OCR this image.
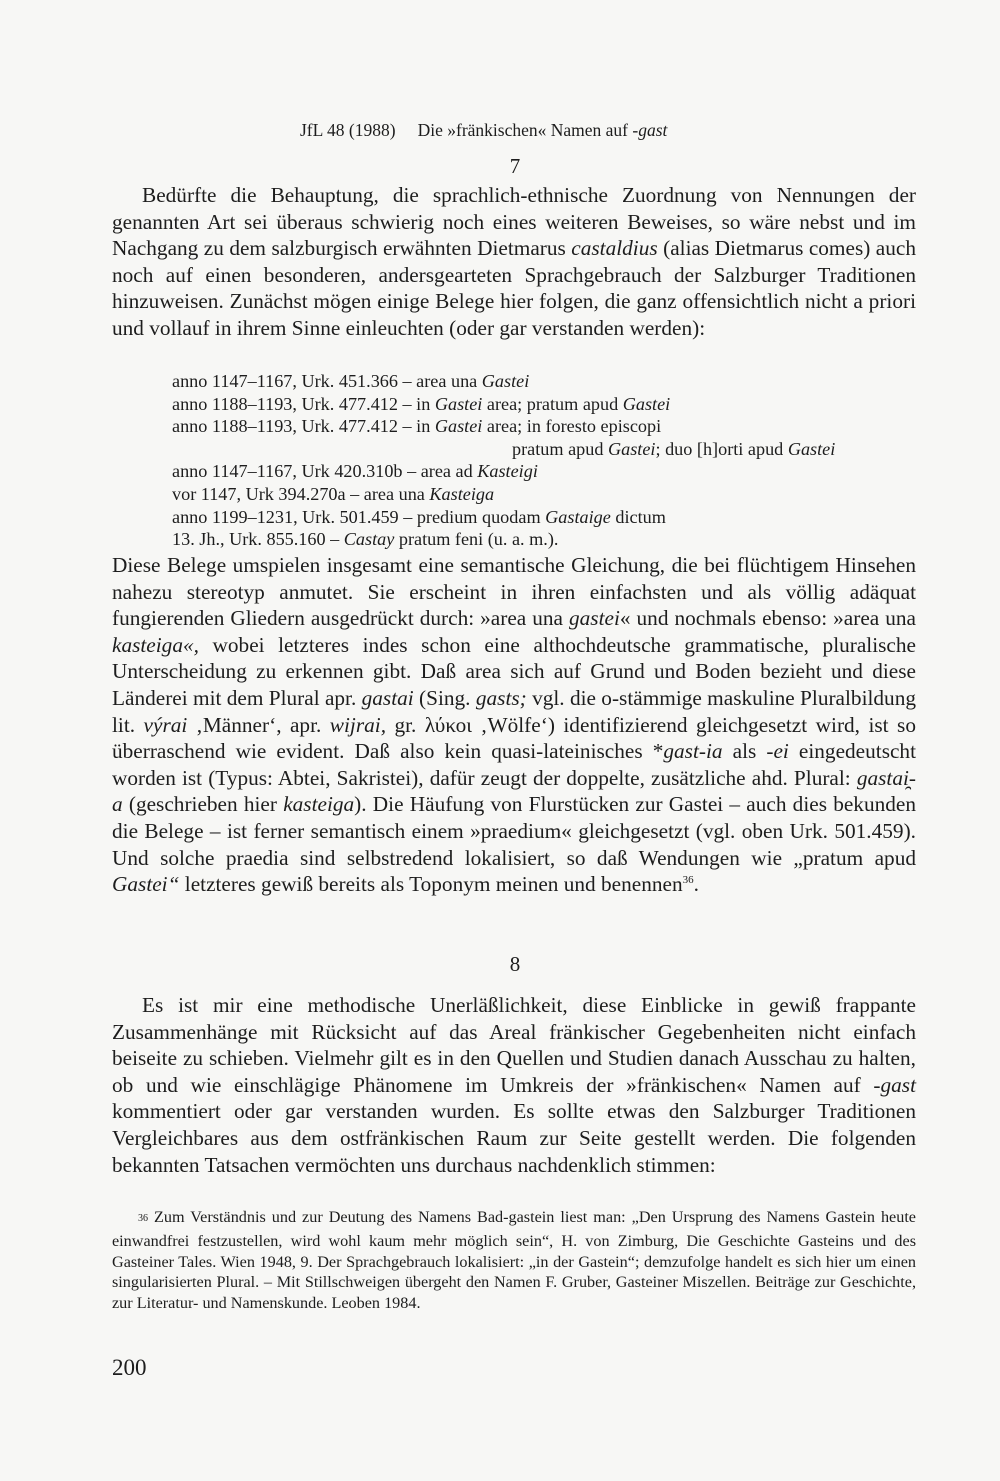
JfL 48 (1988) Die »fränkischen« Namen auf -gast
7

Bedürfte die Behauptung, die sprachlich-ethnische Zuordnung von Nennungen der genannten Art sei überaus schwierig noch eines weiteren Beweises, so wäre nebst und im Nachgang zu dem salzburgisch erwähnten Dietmarus castaldius (alias Dietmarus comes) auch noch auf einen besonderen, andersgearteten Sprachgebrauch der Salzburger Traditionen hinzuweisen. Zunächst mögen einige Belege hier folgen, die ganz offensichtlich nicht a priori und vollauf in ihrem Sinne einleuchten (oder gar verstanden werden):

anno 1147–1167, Urk. 451.366 – area una Gastei
anno 1188–1193, Urk. 477.412 – in Gastei area; pratum apud Gastei
anno 1188–1193, Urk. 477.412 – in Gastei area; in foresto episcopi
pratum apud Gastei; duo [h]orti apud Gastei
anno 1147–1167, Urk 420.310b – area ad Kasteigi
vor 1147, Urk 394.270a – area una Kasteiga
anno 1199–1231, Urk. 501.459 – predium quodam Gastaige dictum
13. Jh., Urk. 855.160 – Castay pratum feni (u. a. m.).

Diese Belege umspielen insgesamt eine semantische Gleichung, die bei flüchtigem Hinsehen nahezu stereotyp anmutet. Sie erscheint in ihren einfachsten und als völlig adäquat fungierenden Gliedern ausgedrückt durch: »area una gastei« und nochmals ebenso: »area una kasteiga«, wobei letzteres indes schon eine althochdeutsche grammatische, pluralische Unterscheidung zu erkennen gibt. Daß area sich auf Grund und Boden bezieht und diese Länderei mit dem Plural apr. gastai (Sing. gasts; vgl. die o-stämmige maskuline Pluralbildung lit. výrai ‚Männer‘, apr. wijrai, gr. λύκοι ‚Wölfe‘) identifizierend gleichgesetzt wird, ist so überraschend wie evident. Daß also kein quasi-lateinisches *gast-ia als -ei eingedeutscht worden ist (Typus: Abtei, Sakristei), dafür zeugt der doppelte, zusätzliche ahd. Plural: gastai̯-a (geschrieben hier kasteiga). Die Häufung von Flurstücken zur Gastei – auch dies bekunden die Belege – ist ferner semantisch einem »praedium« gleichgesetzt (vgl. oben Urk. 501.459). Und solche praedia sind selbstredend lokalisiert, so daß Wendungen wie „pratum apud Gastei“ letzteres gewiß bereits als Toponym meinen und benennen$^{36}$.

8

Es ist mir eine methodische Unerläßlichkeit, diese Einblicke in gewiß frappante Zusammenhänge mit Rücksicht auf das Areal fränkischer Gegebenheiten nicht einfach beiseite zu schieben. Vielmehr gilt es in den Quellen und Studien danach Ausschau zu halten, ob und wie einschlägige Phänomene im Umkreis der »fränkischen« Namen auf -gast kommentiert oder gar verstanden wurden. Es sollte etwas den Salzburger Traditionen Vergleichbares aus dem ostfränkischen Raum zur Seite gestellt werden. Die folgenden bekannten Tatsachen vermöchten uns durchaus nachdenklich stimmen:

36 Zum Verständnis und zur Deutung des Namens Bad-gastein liest man: „Den Ursprung des Namens Gastein heute einwandfrei festzustellen, wird wohl kaum mehr möglich sein“, H. von Zimburg, Die Geschichte Gasteins und des Gasteiner Tales. Wien 1948, 9. Der Sprachgebrauch lokalisiert: „in der Gastein“; demzufolge handelt es sich hier um einen singularisierten Plural. – Mit Stillschweigen übergeht den Namen F. Gruber, Gasteiner Miszellen. Beiträge zur Geschichte, zur Literatur- und Namenskunde. Leoben 1984.

200
